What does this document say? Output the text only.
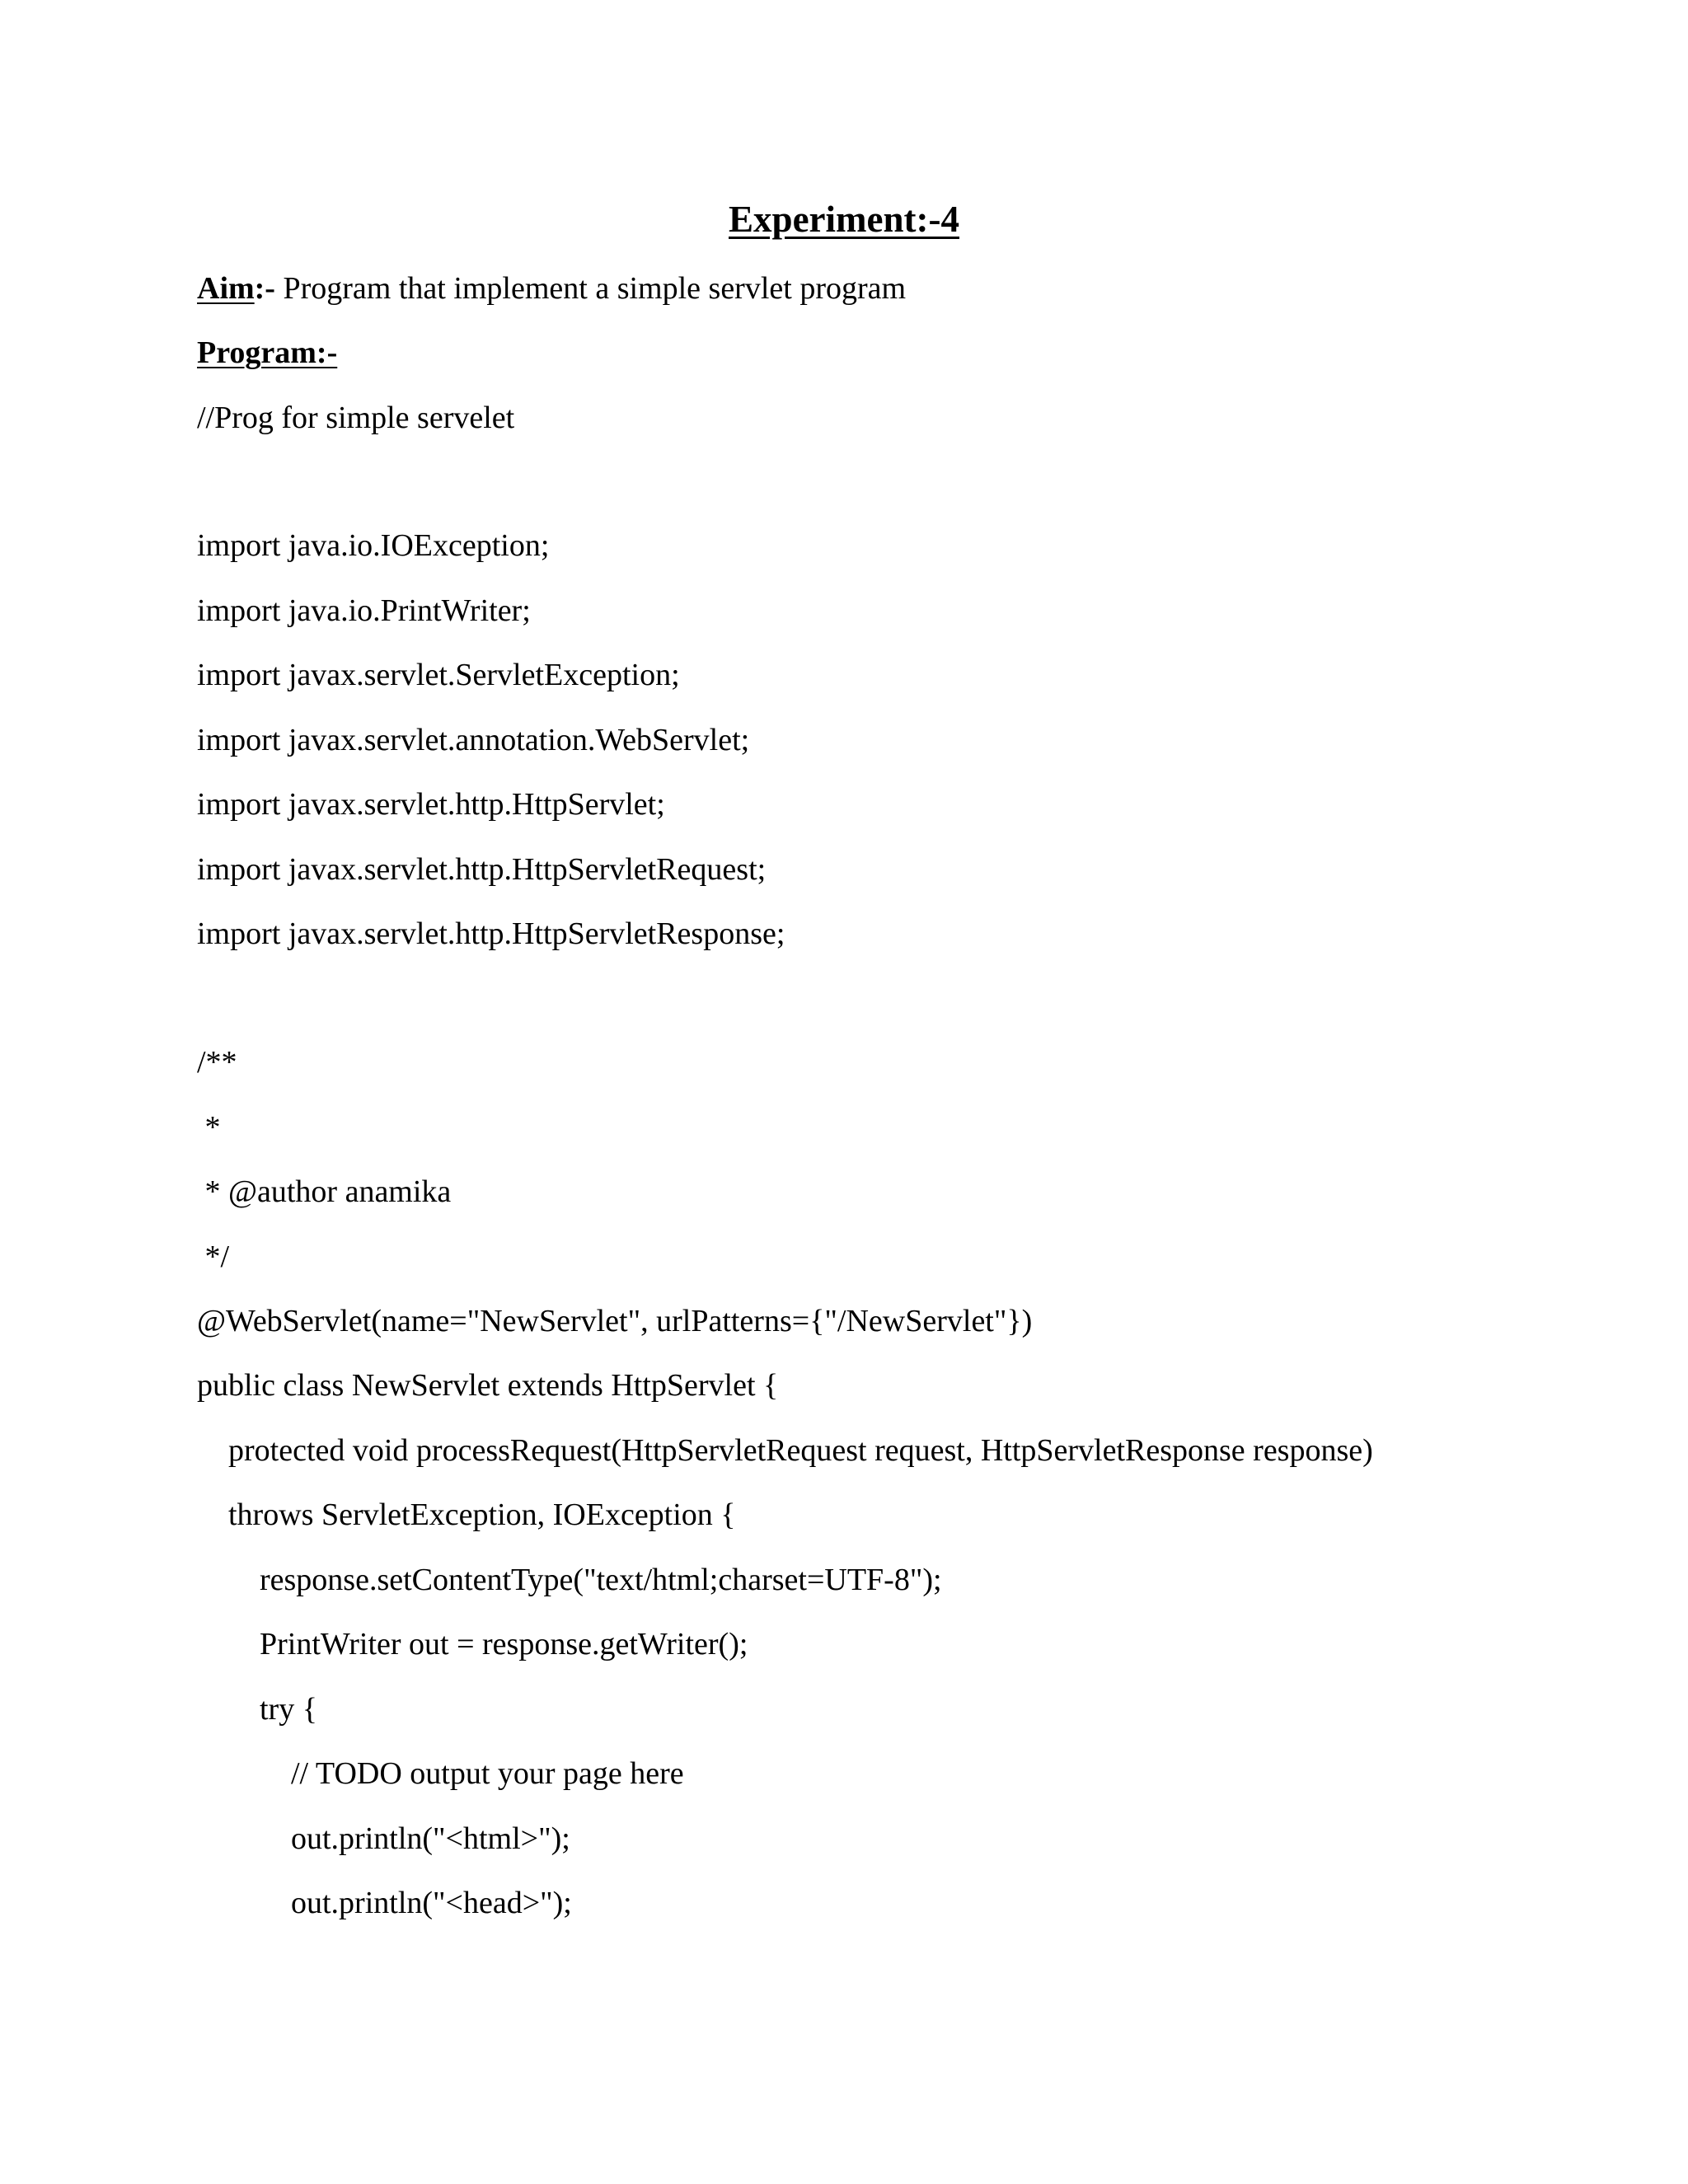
Experiment:-4
Aim:- Program that implement a simple servlet program
Program:-
//Prog for simple servelet
import java.io.IOException;
import java.io.PrintWriter;
import javax.servlet.ServletException;
import javax.servlet.annotation.WebServlet;
import javax.servlet.http.HttpServlet;
import javax.servlet.http.HttpServletRequest;
import javax.servlet.http.HttpServletResponse;
/**
*
* @author anamika
*/
@WebServlet(name="NewServlet", urlPatterns={"/NewServlet"})
public class NewServlet extends HttpServlet {
protected void processRequest(HttpServletRequest request, HttpServletResponse response)
throws ServletException, IOException {
response.setContentType("text/html;charset=UTF-8");
PrintWriter out = response.getWriter();
try {
// TODO output your page here
out.println("<html>");
out.println("<head>");
